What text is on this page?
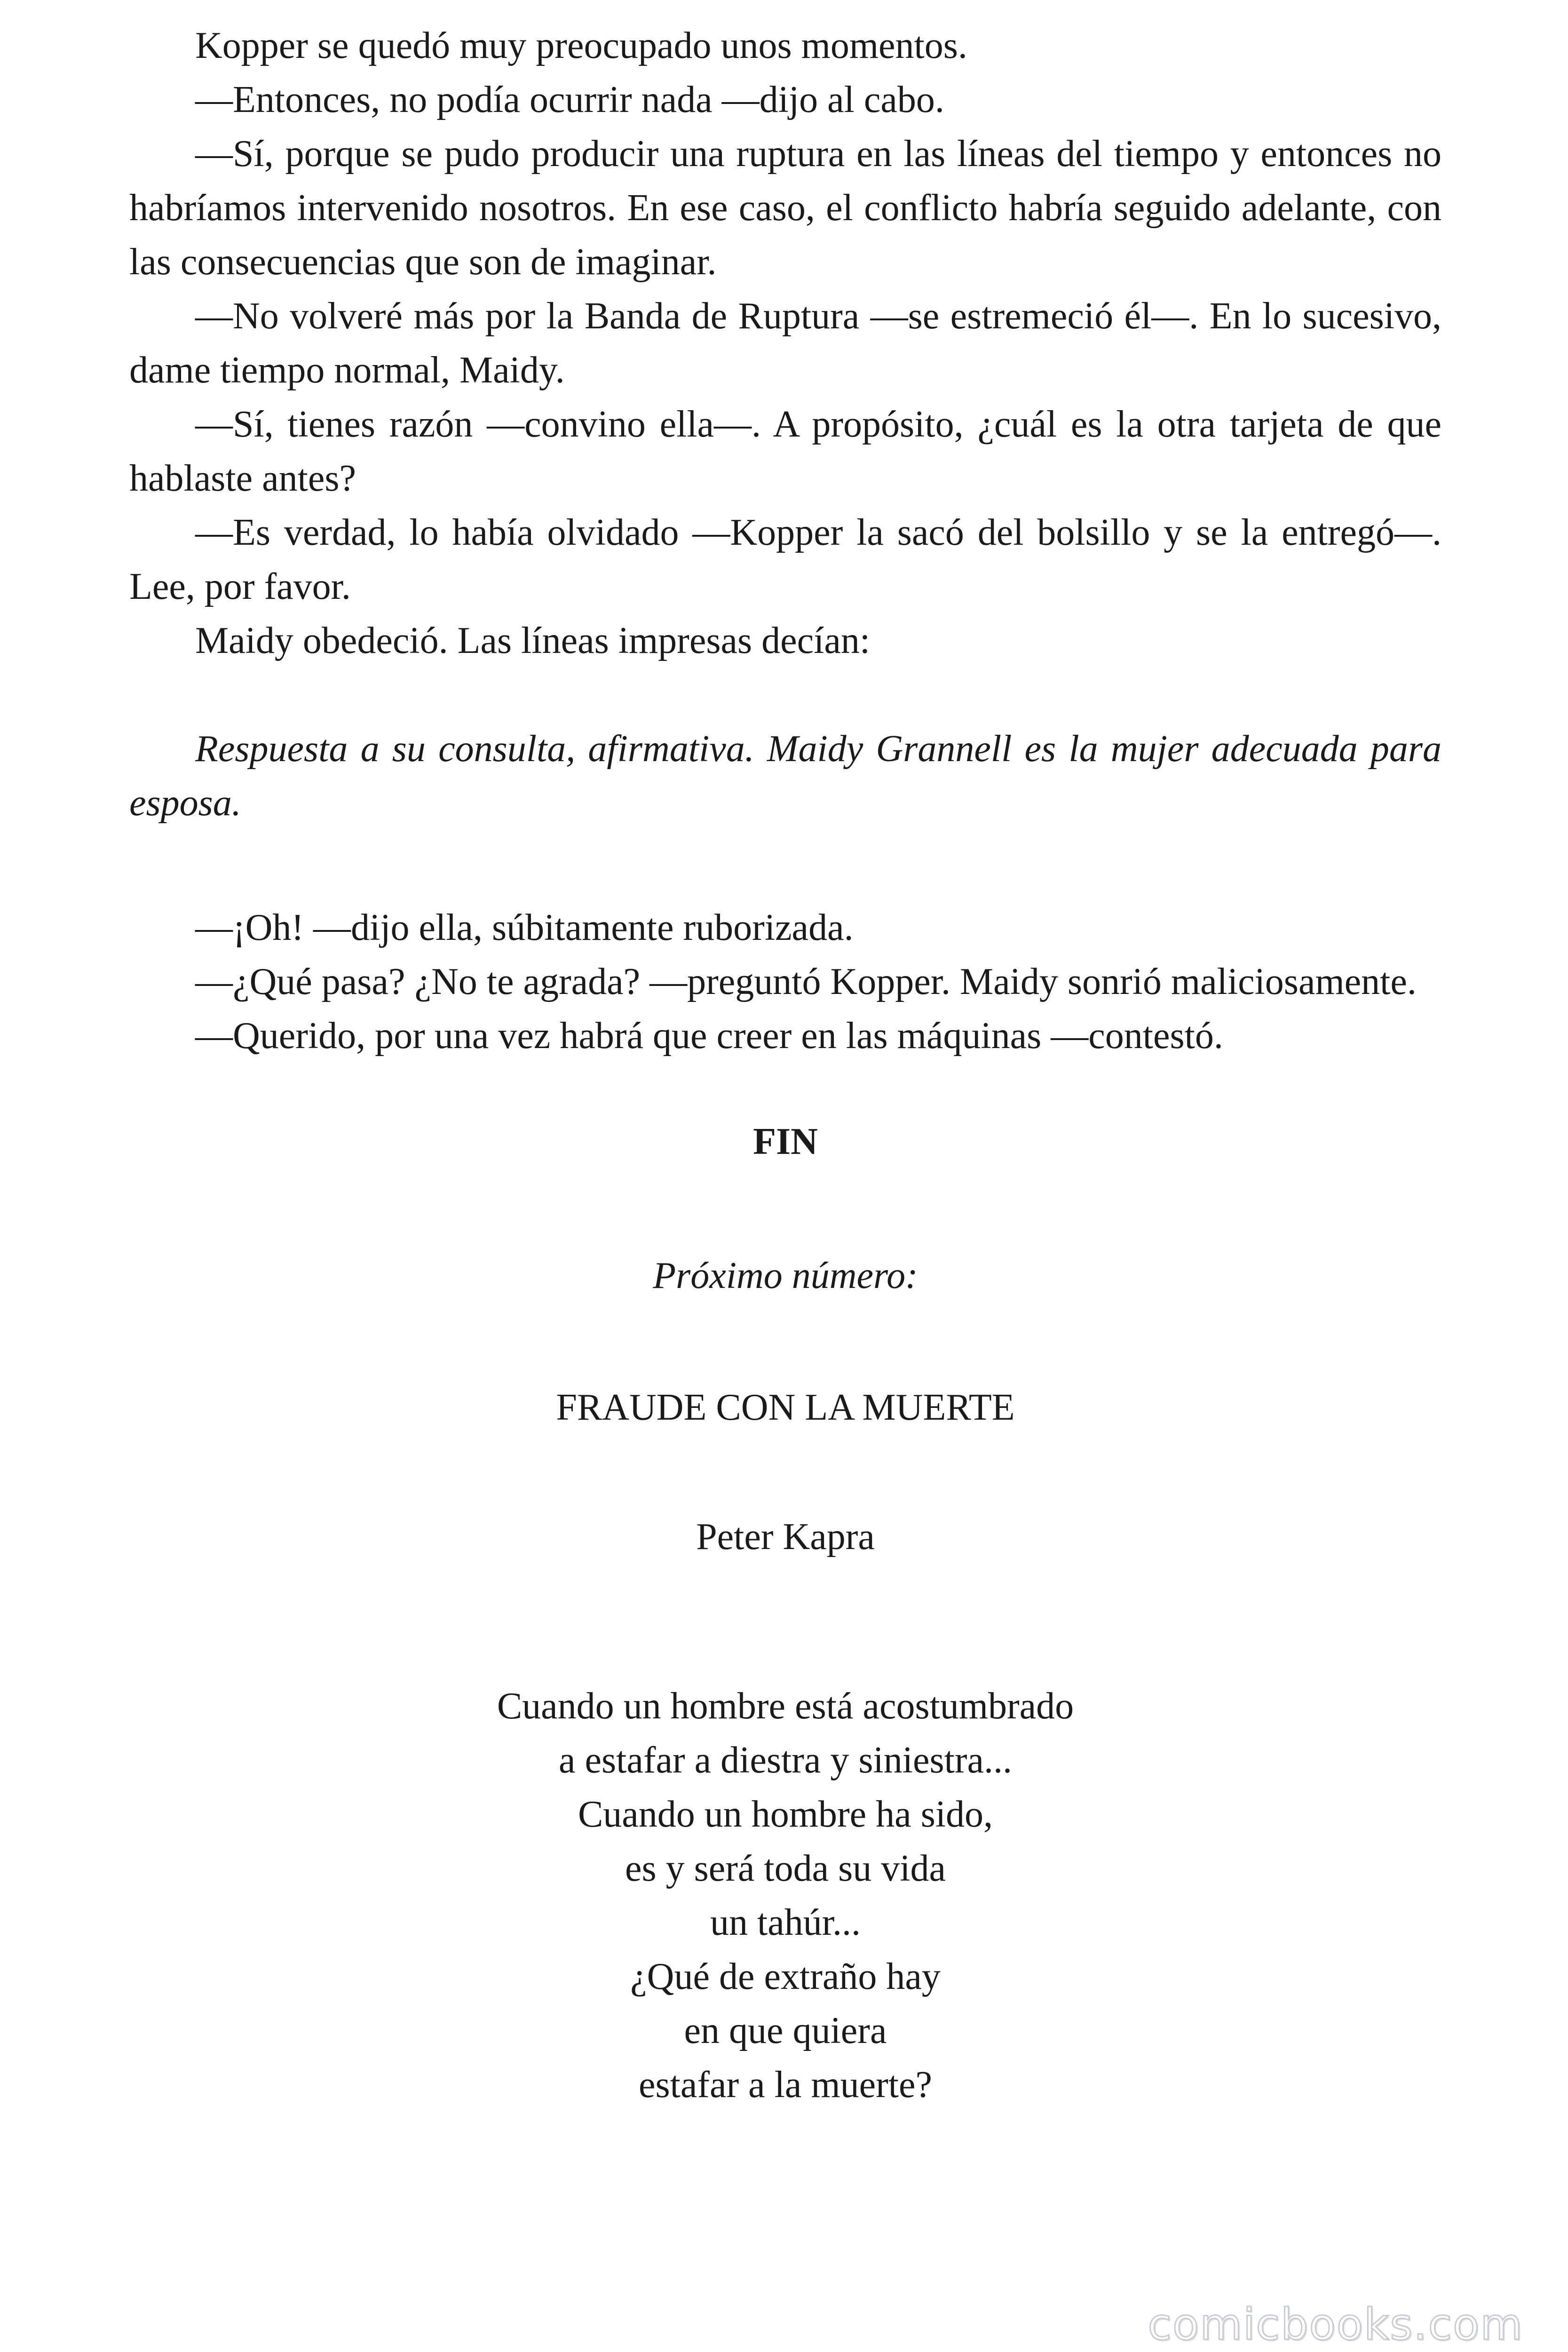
Kopper se quedó muy preocupado unos momentos.

—Entonces, no podía ocurrir nada —dijo al cabo.

—Sí, porque se pudo producir una ruptura en las líneas del tiempo y entonces no habríamos intervenido nosotros. En ese caso, el conflicto habría seguido adelante, con las consecuencias que son de imaginar.

—No volveré más por la Banda de Ruptura —se estremeció él—. En lo sucesivo, dame tiempo normal, Maidy.

—Sí, tienes razón —convino ella—. A propósito, ¿cuál es la otra tarjeta de que hablaste antes?

—Es verdad, lo había olvidado —Kopper la sacó del bolsillo y se la entregó—. Lee, por favor.

Maidy obedeció. Las líneas impresas decían:

Respuesta a su consulta, afirmativa. Maidy Grannell es la mujer adecuada para esposa.

—¡Oh! —dijo ella, súbitamente ruborizada.

—¿Qué pasa? ¿No te agrada? —preguntó Kopper. Maidy sonrió maliciosamente.

—Querido, por una vez habrá que creer en las máquinas —contestó.

FIN

Próximo número:

FRAUDE CON LA MUERTE

Peter Kapra

Cuando un hombre está acostumbrado
a estafar a diestra y siniestra...
Cuando un hombre ha sido,
es y será toda su vida
un tahúr...
¿Qué de extraño hay
en que quiera
estafar a la muerte?
comicbooks.com
